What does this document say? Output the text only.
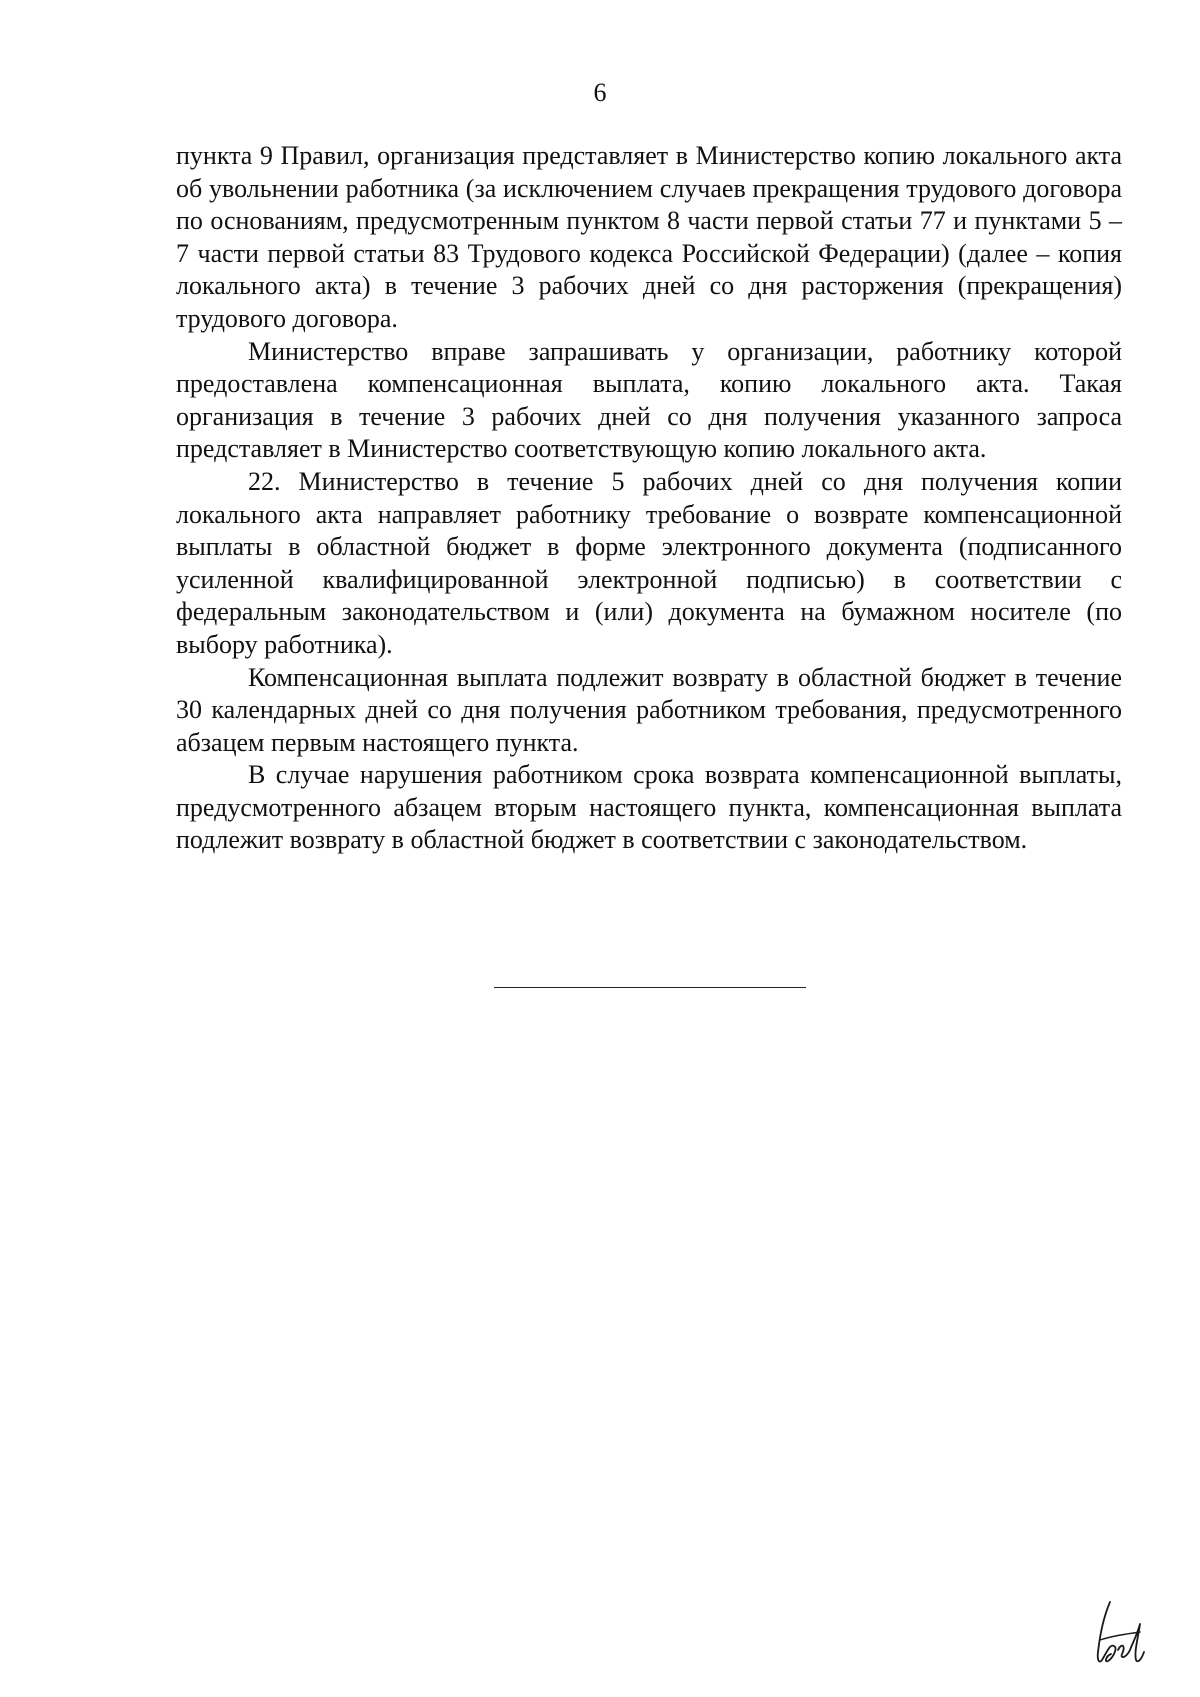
6

пункта 9 Правил, организация представляет в Министерство копию локального акта об увольнении работника (за исключением случаев прекращения трудового договора по основаниям, предусмотренным пунктом 8 части первой статьи 77 и пунктами 5 – 7 части первой статьи 83 Трудового кодекса Российской Федерации) (далее – копия локального акта) в течение 3 рабочих дней со дня расторжения (прекращения) трудового договора.

Министерство вправе запрашивать у организации, работнику которой предоставлена компенсационная выплата, копию локального акта. Такая организация в течение 3 рабочих дней со дня получения указанного запроса представляет в Министерство соответствующую копию локального акта.

22. Министерство в течение 5 рабочих дней со дня получения копии локального акта направляет работнику требование о возврате компенсационной выплаты в областной бюджет в форме электронного документа (подписанного усиленной квалифицированной электронной подписью) в соответствии с федеральным законодательством и (или) документа на бумажном носителе (по выбору работника).

Компенсационная выплата подлежит возврату в областной бюджет в течение 30 календарных дней со дня получения работником требования, предусмотренного абзацем первым настоящего пункта.

В случае нарушения работником срока возврата компенсационной выплаты, предусмотренного абзацем вторым настоящего пункта, компенсационная выплата подлежит возврату в областной бюджет в соответствии с законодательством.
